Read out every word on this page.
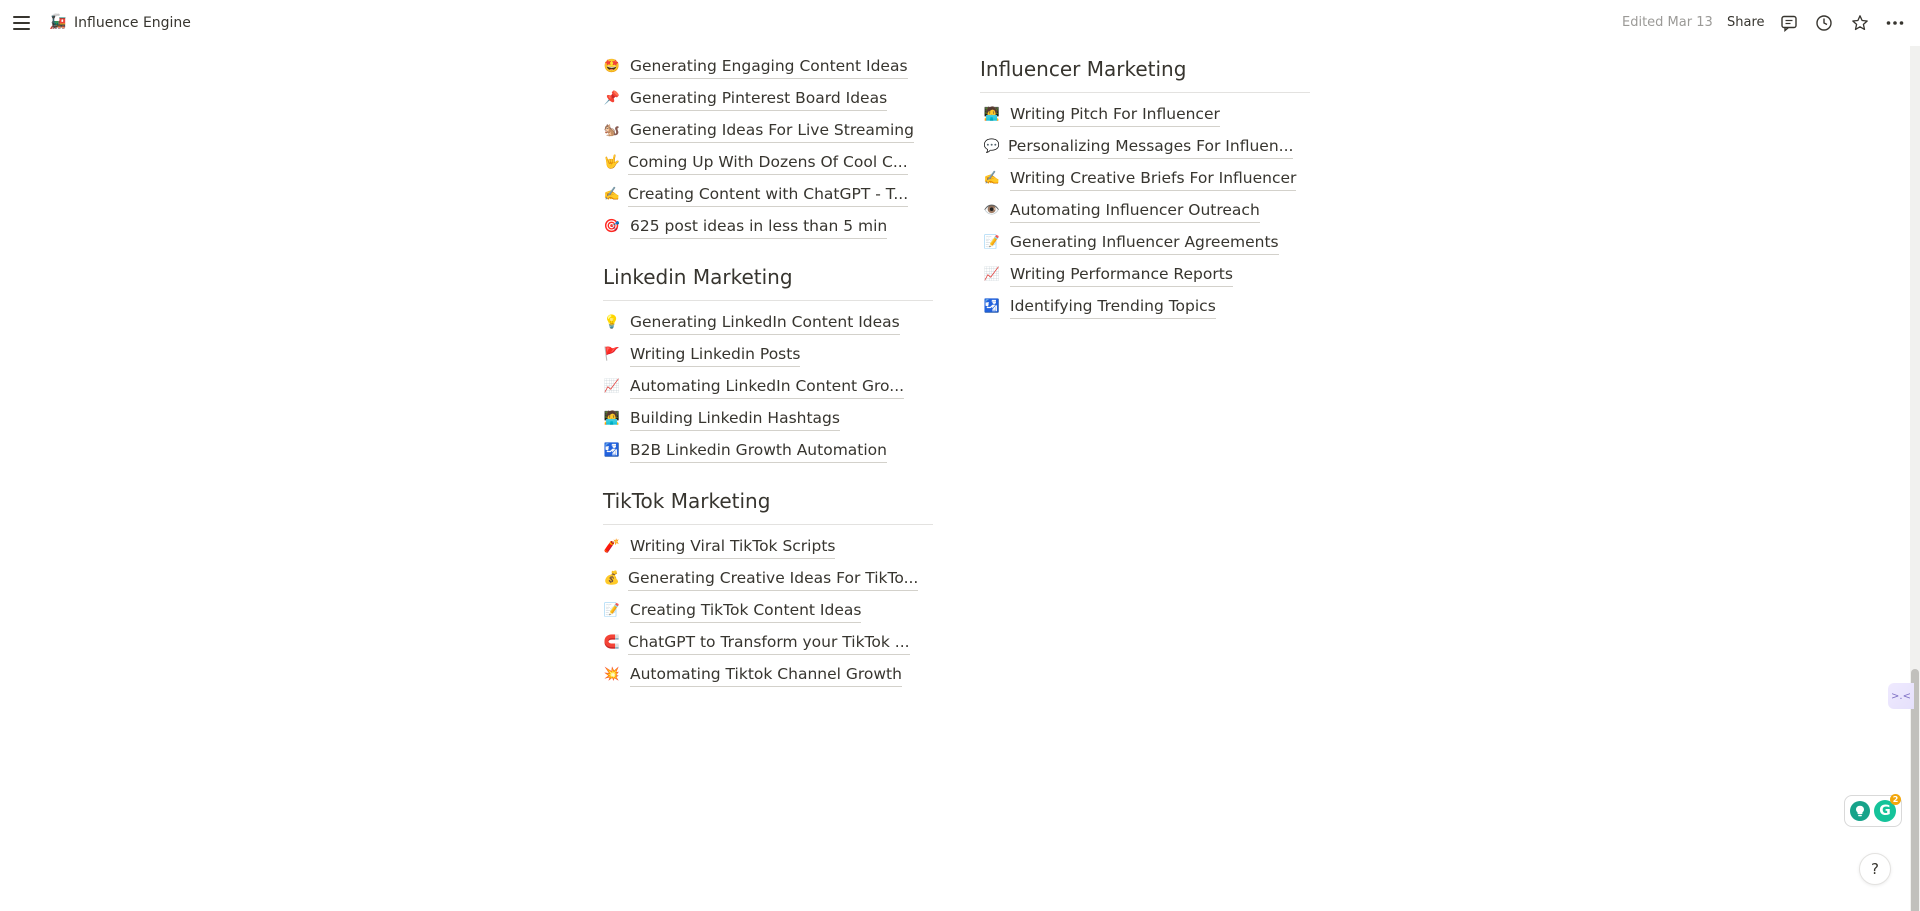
🚂 Influence Engine	Edited Mar 13 Share
🤩 Generating Engaging Content Ideas
📌 Generating Pinterest Board Ideas
🐿️ Generating Ideas For Live Streaming
🤟 Coming Up With Dozens Of Cool C...
✍️ Creating Content with ChatGPT - T...
🎯 625 post ideas in less than 5 min
Linkedin Marketing
💡 Generating LinkedIn Content Ideas
🚩 Writing Linkedin Posts
📈 Automating LinkedIn Content Gro...
🧑‍💻 Building Linkedin Hashtags
🛂 B2B Linkedin Growth Automation
TikTok Marketing
🧨 Writing Viral TikTok Scripts
💰 Generating Creative Ideas For TikTo...
📝 Creating TikTok Content Ideas
🧲 ChatGPT to Transform your TikTok ...
💥 Automating Tiktok Channel Growth
Influencer Marketing
🧑‍💻 Writing Pitch For Influencer
💬 Personalizing Messages For Influen...
✍️ Writing Creative Briefs For Influencer
👁️ Automating Influencer Outreach
📝 Generating Influencer Agreements
📈 Writing Performance Reports
🛂 Identifying Trending Topics
>.<
G
2
?
